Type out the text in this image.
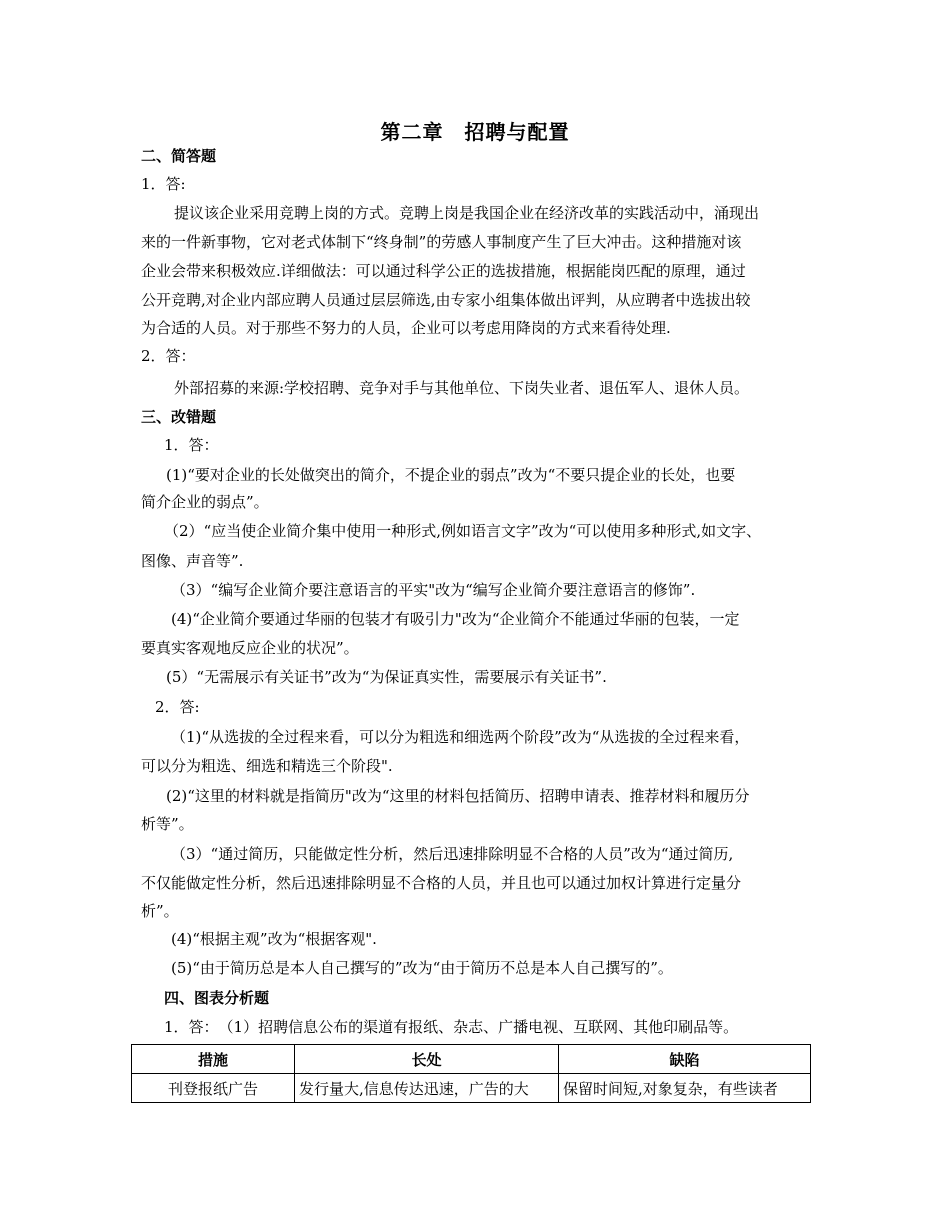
第二章　招聘与配置
二、简答题
1．答:
提议该企业采用竞聘上岗的方式。竞聘上岗是我国企业在经济改革的实践活动中，涌现出
来的一件新事物，它对老式体制下“终身制”的劳感人事制度产生了巨大冲击。这种措施对该
企业会带来积极效应.详细做法：可以通过科学公正的选拔措施，根据能岗匹配的原理，通过
公开竞聘,对企业内部应聘人员通过层层筛选,由专家小组集体做出评判，从应聘者中选拔出较
为合适的人员。对于那些不努力的人员，企业可以考虑用降岗的方式来看待处理.
2．答：
外部招募的来源:学校招聘、竞争对手与其他单位、下岗失业者、退伍军人、退休人员。
三、改错题
1．答：
(1)“要对企业的长处做突出的简介，不提企业的弱点”改为“不要只提企业的长处，也要
简介企业的弱点”。
（2）“应当使企业简介集中使用一种形式,例如语言文字”改为“可以使用多种形式,如文字、
图像、声音等”.
（3）“编写企业简介要注意语言的平实"改为“编写企业简介要注意语言的修饰”.
(4)“企业简介要通过华丽的包装才有吸引力"改为“企业简介不能通过华丽的包装，一定
要真实客观地反应企业的状况”。
(5）“无需展示有关证书”改为“为保证真实性，需要展示有关证书”.
2．答:
（1)“从选拔的全过程来看，可以分为粗选和细选两个阶段”改为“从选拔的全过程来看，
可以分为粗选、细选和精选三个阶段".
(2)“这里的材料就是指简历"改为“这里的材料包括简历、招聘申请表、推荐材料和履历分
析等”。
（3）“通过简历，只能做定性分析，然后迅速排除明显不合格的人员”改为“通过简历,
不仅能做定性分析，然后迅速排除明显不合格的人员，并且也可以通过加权计算进行定量分
析”。
(4)“根据主观”改为“根据客观".
(5)“由于简历总是本人自己撰写的”改为“由于简历不总是本人自己撰写的”。
四、图表分析题
1．答：　（1）招聘信息公布的渠道有报纸、杂志、广播电视、互联网、其他印刷品等。
措施	长处	缺陷
刊登报纸广告	发行量大,信息传达迅速，广告的大	保留时间短,对象复杂，有些读者
